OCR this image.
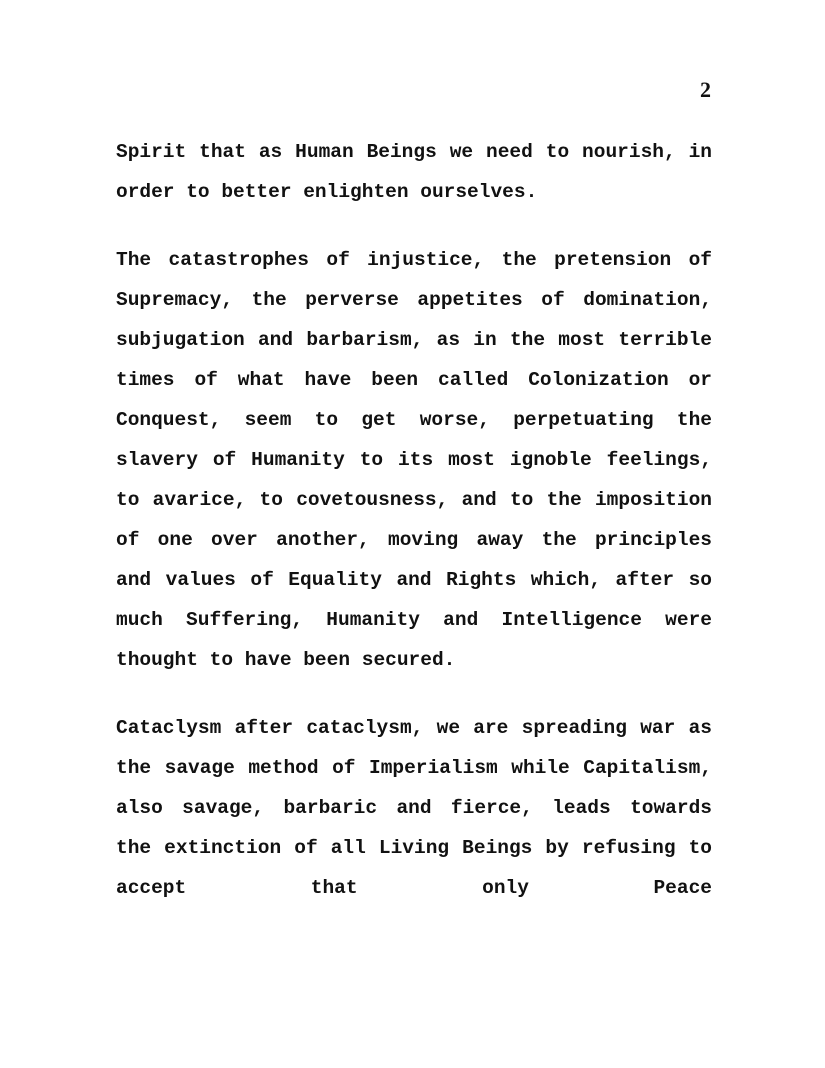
2

Spirit that as Human Beings we need to nourish, in order to better enlighten ourselves.

The catastrophes of injustice, the pretension of Supremacy, the perverse appetites of domination, subjugation and barbarism, as in the most terrible times of what have been called Colonization or Conquest, seem to get worse, perpetuating the slavery of Humanity to its most ignoble feelings, to avarice, to covetousness, and to the imposition of one over another, moving away the principles and values of Equality and Rights which, after so much Suffering, Humanity and Intelligence were thought to have been secured.

Cataclysm after cataclysm, we are spreading war as the savage method of Imperialism while Capitalism, also savage, barbaric and fierce, leads towards the extinction of all Living Beings by refusing to accept that only Peace
